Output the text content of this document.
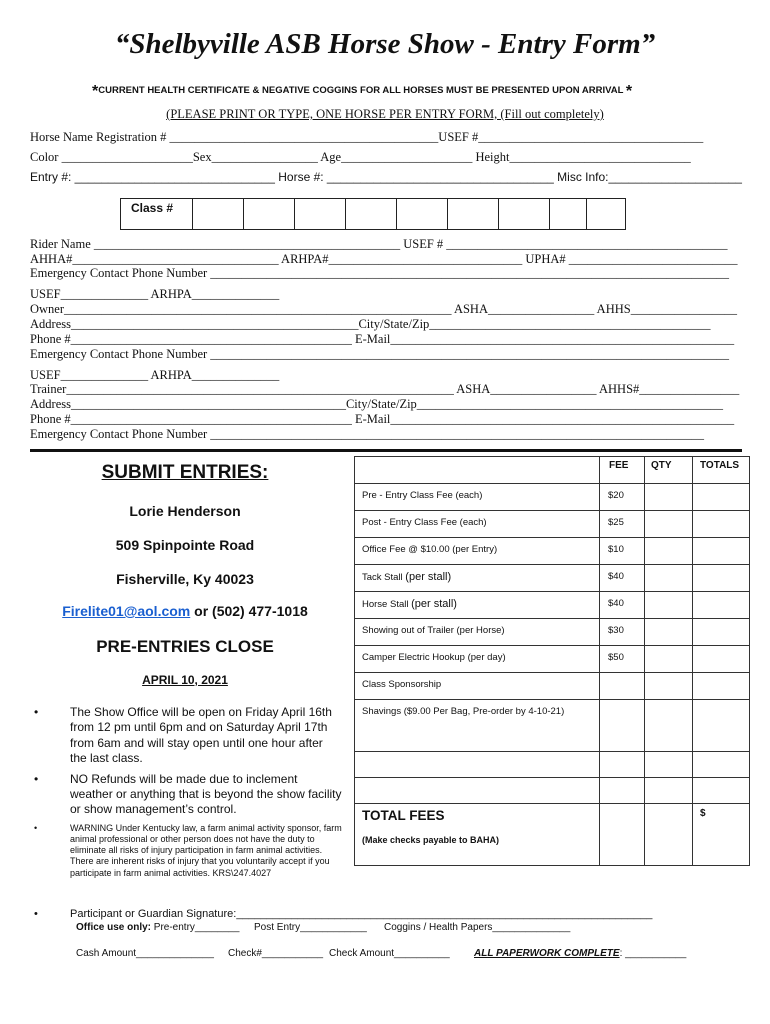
“Shelbyville ASB Horse Show - Entry Form”
*CURRENT HEALTH CERTIFICATE & NEGATIVE COGGINS FOR ALL HORSES MUST BE PRESENTED UPON ARRIVAL *
(PLEASE PRINT OR TYPE, ONE HORSE PER ENTRY FORM, (Fill out completely)
Horse Name Registration # ___________________________________________USEF #____________________________________
Color _____________________Sex_________________ Age_____________________ Height_____________________________
Entry #: ______________________________ Horse #: __________________________________ Misc Info:____________________
Class #									
Rider Name _________________________________________________ USEF # _____________________________________________
AHHA#_________________________________ ARHPA#_______________________________ UPHA# ___________________________
Emergency Contact Phone Number ___________________________________________________________________________________
USEF______________ ARHPA______________
Owner______________________________________________________________ ASHA_________________ AHHS_________________
Address______________________________________________City/State/Zip_____________________________________________
Phone #_____________________________________________ E-Mail_______________________________________________________
Emergency Contact Phone Number ___________________________________________________________________________________
USEF______________ ARHPA______________
Trainer______________________________________________________________ ASHA_________________ AHHS#________________
Address____________________________________________City/State/Zip_________________________________________________
Phone #_____________________________________________ E-Mail_______________________________________________________
Emergency Contact Phone Number _______________________________________________________________________________
SUBMIT ENTRIES:
Lorie Henderson
509 Spinpointe Road
Fisherville, Ky 40023
Firelite01@aol.com or (502) 477-1018
PRE-ENTRIES CLOSE
APRIL 10, 2021
• The Show Office will be open on Friday April 16th from 12 pm until 6pm and on Saturday April 17th from 6am and will stay open until one hour after the last class.
• NO Refunds will be made due to inclement weather or anything that is beyond the show facility or show management’s control.
• WARNING Under Kentucky law, a farm animal activity sponsor, farm animal professional or other person does not have the duty to eliminate all risks of injury participation in farm animal activities. There are inherent risks of injury that you voluntarily accept if you participate in farm animal activities. KRS\247.4027
	FEE	QTY	TOTALS
Pre - Entry Class Fee (each)	$20		
Post - Entry Class Fee (each)	$25		
Office Fee @ $10.00 (per Entry)	$10		
Tack Stall (per stall)	$40		
Horse Stall (per stall)	$40		
Showing out of Trailer (per Horse)	$30		
Camper Electric Hookup (per day)	$50		
Class Sponsorship			
Shavings ($9.00 Per Bag, Pre-order by 4-10-21)			

TOTAL FEES
(Make checks payable to BAHA)			$
• Participant or Guardian Signature:____________________________________________________________________
Office use only: Pre-entry________ Post Entry____________ Coggins / Health Papers______________
Cash Amount______________ Check#___________ Check Amount__________ ALL PAPERWORK COMPLETE: ___________
